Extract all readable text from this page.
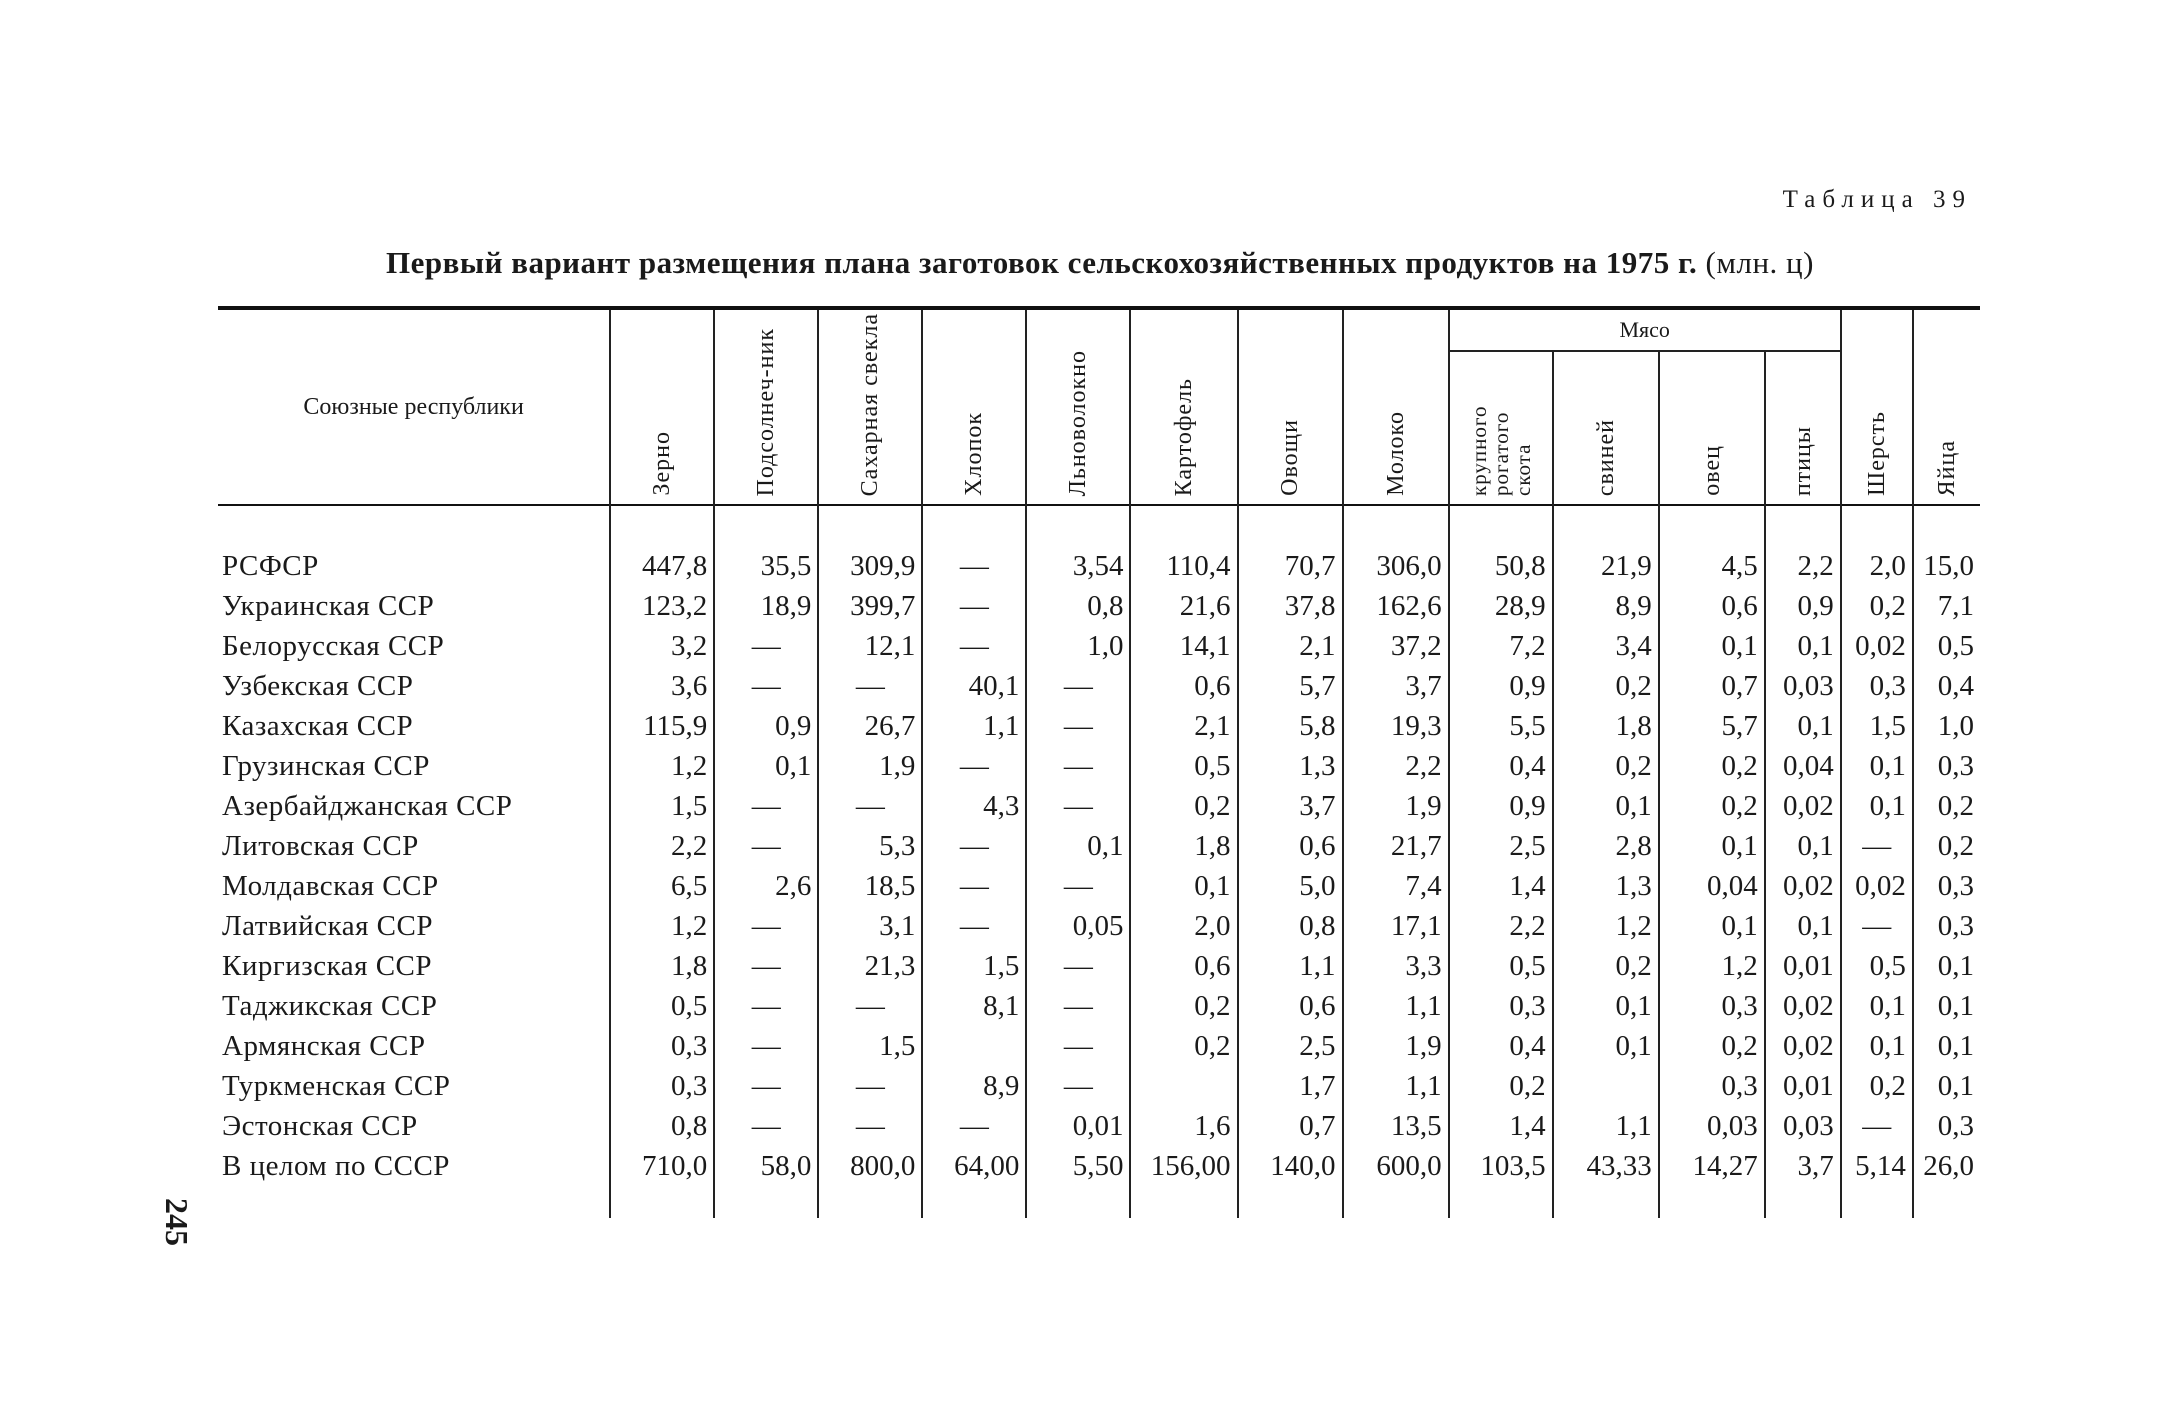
Таблица 39
Первый вариант размещения плана заготовок сельскохозяйственных продуктов на 1975 г. (млн. ц)
245
Союзные республики	Зерно	Подсолнеч-ник	Сахарная свекла	Хлопок	Льноволокно	Картофель	Овощи	Молоко	Мясо				Шерсть	Яйца
									крупного рогатого скота	свиней	овец	птицы		

РСФСР	447,8	35,5	309,9	—	3,54	110,4	70,7	306,0	50,8	21,9	4,5	2,2	2,0	15,0
Украинская ССР	123,2	18,9	399,7	—	0,8	21,6	37,8	162,6	28,9	8,9	0,6	0,9	0,2	7,1
Белорусская ССР	3,2	—	12,1	—	1,0	14,1	2,1	37,2	7,2	3,4	0,1	0,1	0,02	0,5
Узбекская ССР	3,6	—	—	40,1	—	0,6	5,7	3,7	0,9	0,2	0,7	0,03	0,3	0,4
Казахская ССР	115,9	0,9	26,7	1,1	—	2,1	5,8	19,3	5,5	1,8	5,7	0,1	1,5	1,0
Грузинская ССР	1,2	0,1	1,9	—	—	0,5	1,3	2,2	0,4	0,2	0,2	0,04	0,1	0,3
Азербайджанская ССР	1,5	—	—	4,3	—	0,2	3,7	1,9	0,9	0,1	0,2	0,02	0,1	0,2
Литовская ССР	2,2	—	5,3	—	0,1	1,8	0,6	21,7	2,5	2,8	0,1	0,1	—	0,2
Молдавская ССР	6,5	2,6	18,5	—	—	0,1	5,0	7,4	1,4	1,3	0,04	0,02	0,02	0,3
Латвийская ССР	1,2	—	3,1	—	0,05	2,0	0,8	17,1	2,2	1,2	0,1	0,1	—	0,3
Киргизская ССР	1,8	—	21,3	1,5	—	0,6	1,1	3,3	0,5	0,2	1,2	0,01	0,5	0,1
Таджикская ССР	0,5	—	—	8,1	—	0,2	0,6	1,1	0,3	0,1	0,3	0,02	0,1	0,1
Армянская ССР	0,3	—	1,5		—	0,2	2,5	1,9	0,4	0,1	0,2	0,02	0,1	0,1
Туркменская ССР	0,3	—	—	8,9	—		1,7	1,1	0,2		0,3	0,01	0,2	0,1
Эстонская ССР	0,8	—	—	—	0,01	1,6	0,7	13,5	1,4	1,1	0,03	0,03	—	0,3
В целом по СССР	710,0	58,0	800,0	64,00	5,50	156,00	140,0	600,0	103,5	43,33	14,27	3,7	5,14	26,0
